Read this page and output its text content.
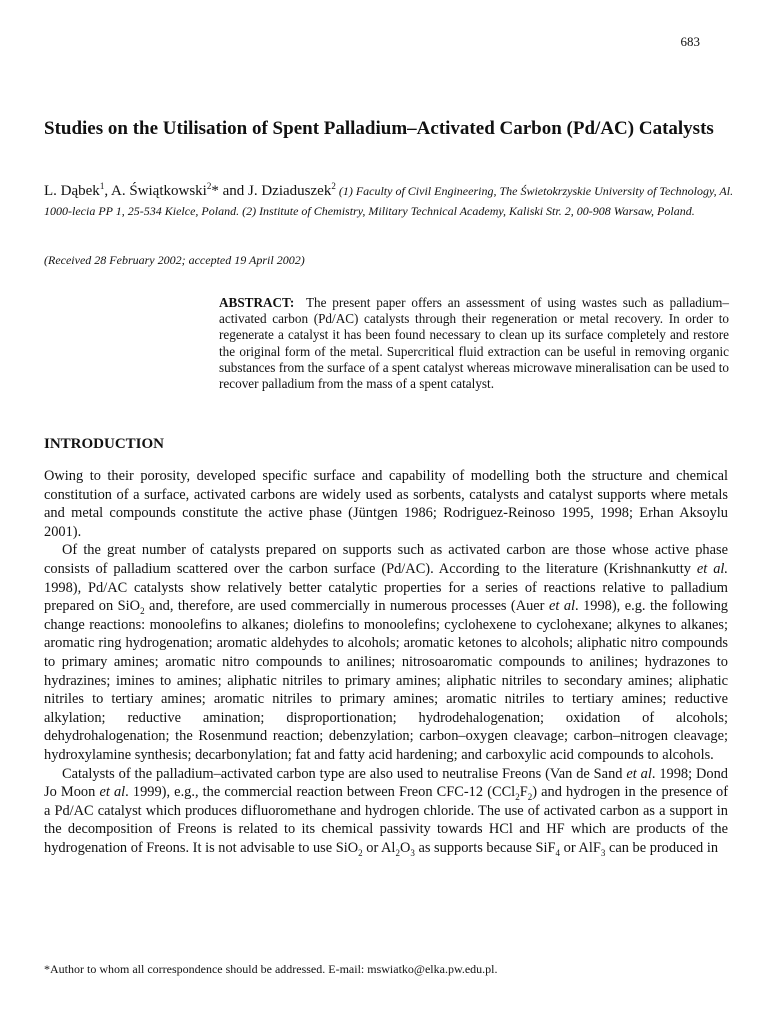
683
Studies on the Utilisation of Spent Palladium–Activated Carbon (Pd/AC) Catalysts
L. Dąbek$^1$, A. Świątkowski$^2$* and J. Dziaduszek$^2$ (1) Faculty of Civil Engineering, The Świetokrzyskie University of Technology, Al. 1000-lecia PP 1, 25-534 Kielce, Poland. (2) Institute of Chemistry, Military Technical Academy, Kaliski Str. 2, 00-908 Warsaw, Poland.
(Received 28 February 2002; accepted 19 April 2002)
ABSTRACT: The present paper offers an assessment of using wastes such as palladium–activated carbon (Pd/AC) catalysts through their regeneration or metal recovery. In order to regenerate a catalyst it has been found necessary to clean up its surface completely and restore the original form of the metal. Supercritical fluid extraction can be useful in removing organic substances from the surface of a spent catalyst whereas microwave mineralisation can be used to recover palladium from the mass of a spent catalyst.
INTRODUCTION

Owing to their porosity, developed specific surface and capability of modelling both the structure and chemical constitution of a surface, activated carbons are widely used as sorbents, catalysts and catalyst supports where metals and metal compounds constitute the active phase (Jüntgen 1986; Rodriguez-Reinoso 1995, 1998; Erhan Aksoylu 2001).

Of the great number of catalysts prepared on supports such as activated carbon are those whose active phase consists of palladium scattered over the carbon surface (Pd/AC). According to the literature (Krishnankutty et al. 1998), Pd/AC catalysts show relatively better catalytic properties for a series of reactions relative to palladium prepared on SiO$_2$ and, therefore, are used commercially in numerous processes (Auer et al. 1998), e.g. the following change reactions: monoolefins to alkanes; diolefins to monoolefins; cyclohexene to cyclohexane; alkynes to alkanes; aromatic ring hydrogenation; aromatic aldehydes to alcohols; aromatic ketones to alcohols; aliphatic nitro compounds to primary amines; aromatic nitro compounds to anilines; nitrosoaromatic compounds to anilines; hydrazones to hydrazines; imines to amines; aliphatic nitriles to primary amines; aliphatic nitriles to secondary amines; aliphatic nitriles to tertiary amines; aromatic nitriles to primary amines; aromatic nitriles to tertiary amines; reductive alkylation; reductive amination; disproportionation; hydrodehalogenation; oxidation of alcohols; dehydrohalogenation; the Rosenmund reaction; debenzylation; carbon–oxygen cleavage; carbon–nitrogen cleavage; hydroxylamine synthesis; decarbonylation; fat and fatty acid hardening; and carboxylic acid compounds to alcohols.

Catalysts of the palladium–activated carbon type are also used to neutralise Freons (Van de Sand et al. 1998; Dond Jo Moon et al. 1999), e.g., the commercial reaction between Freon CFC-12 $(CCl_2F_2)$ and hydrogen in the presence of a Pd/AC catalyst which produces difluoromethane and hydrogen chloride. The use of activated carbon as a support in the decomposition of Freons is related to its chemical passivity towards HCl and HF which are products of the hydrogenation of Freons. It is not advisable to use SiO$_2$ or $Al_2O_3$ as supports because SiF$_4$ or AlF$_3$ can be produced in

*Author to whom all correspondence should be addressed. E-mail: mswiatko@elka.pw.edu.pl.
